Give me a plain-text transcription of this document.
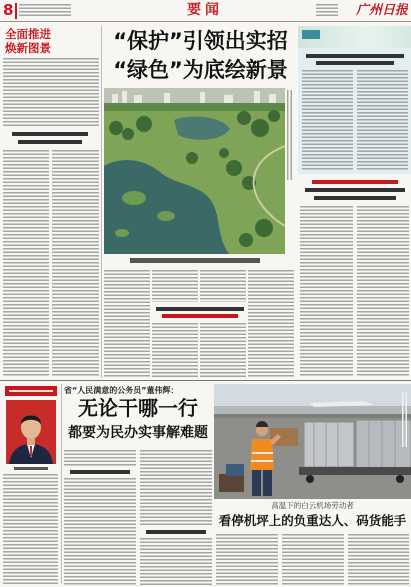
8	要闻	广州日报
全面推进
焕新图景	“保护”引领出实招
“绿色”为底绘新景
省“人民满意的公务员”董伟辉：
无论干哪一行
都要为民办实事解难题
高温下的白云机场劳动者
看停机坪上的负重达人、码货能手
